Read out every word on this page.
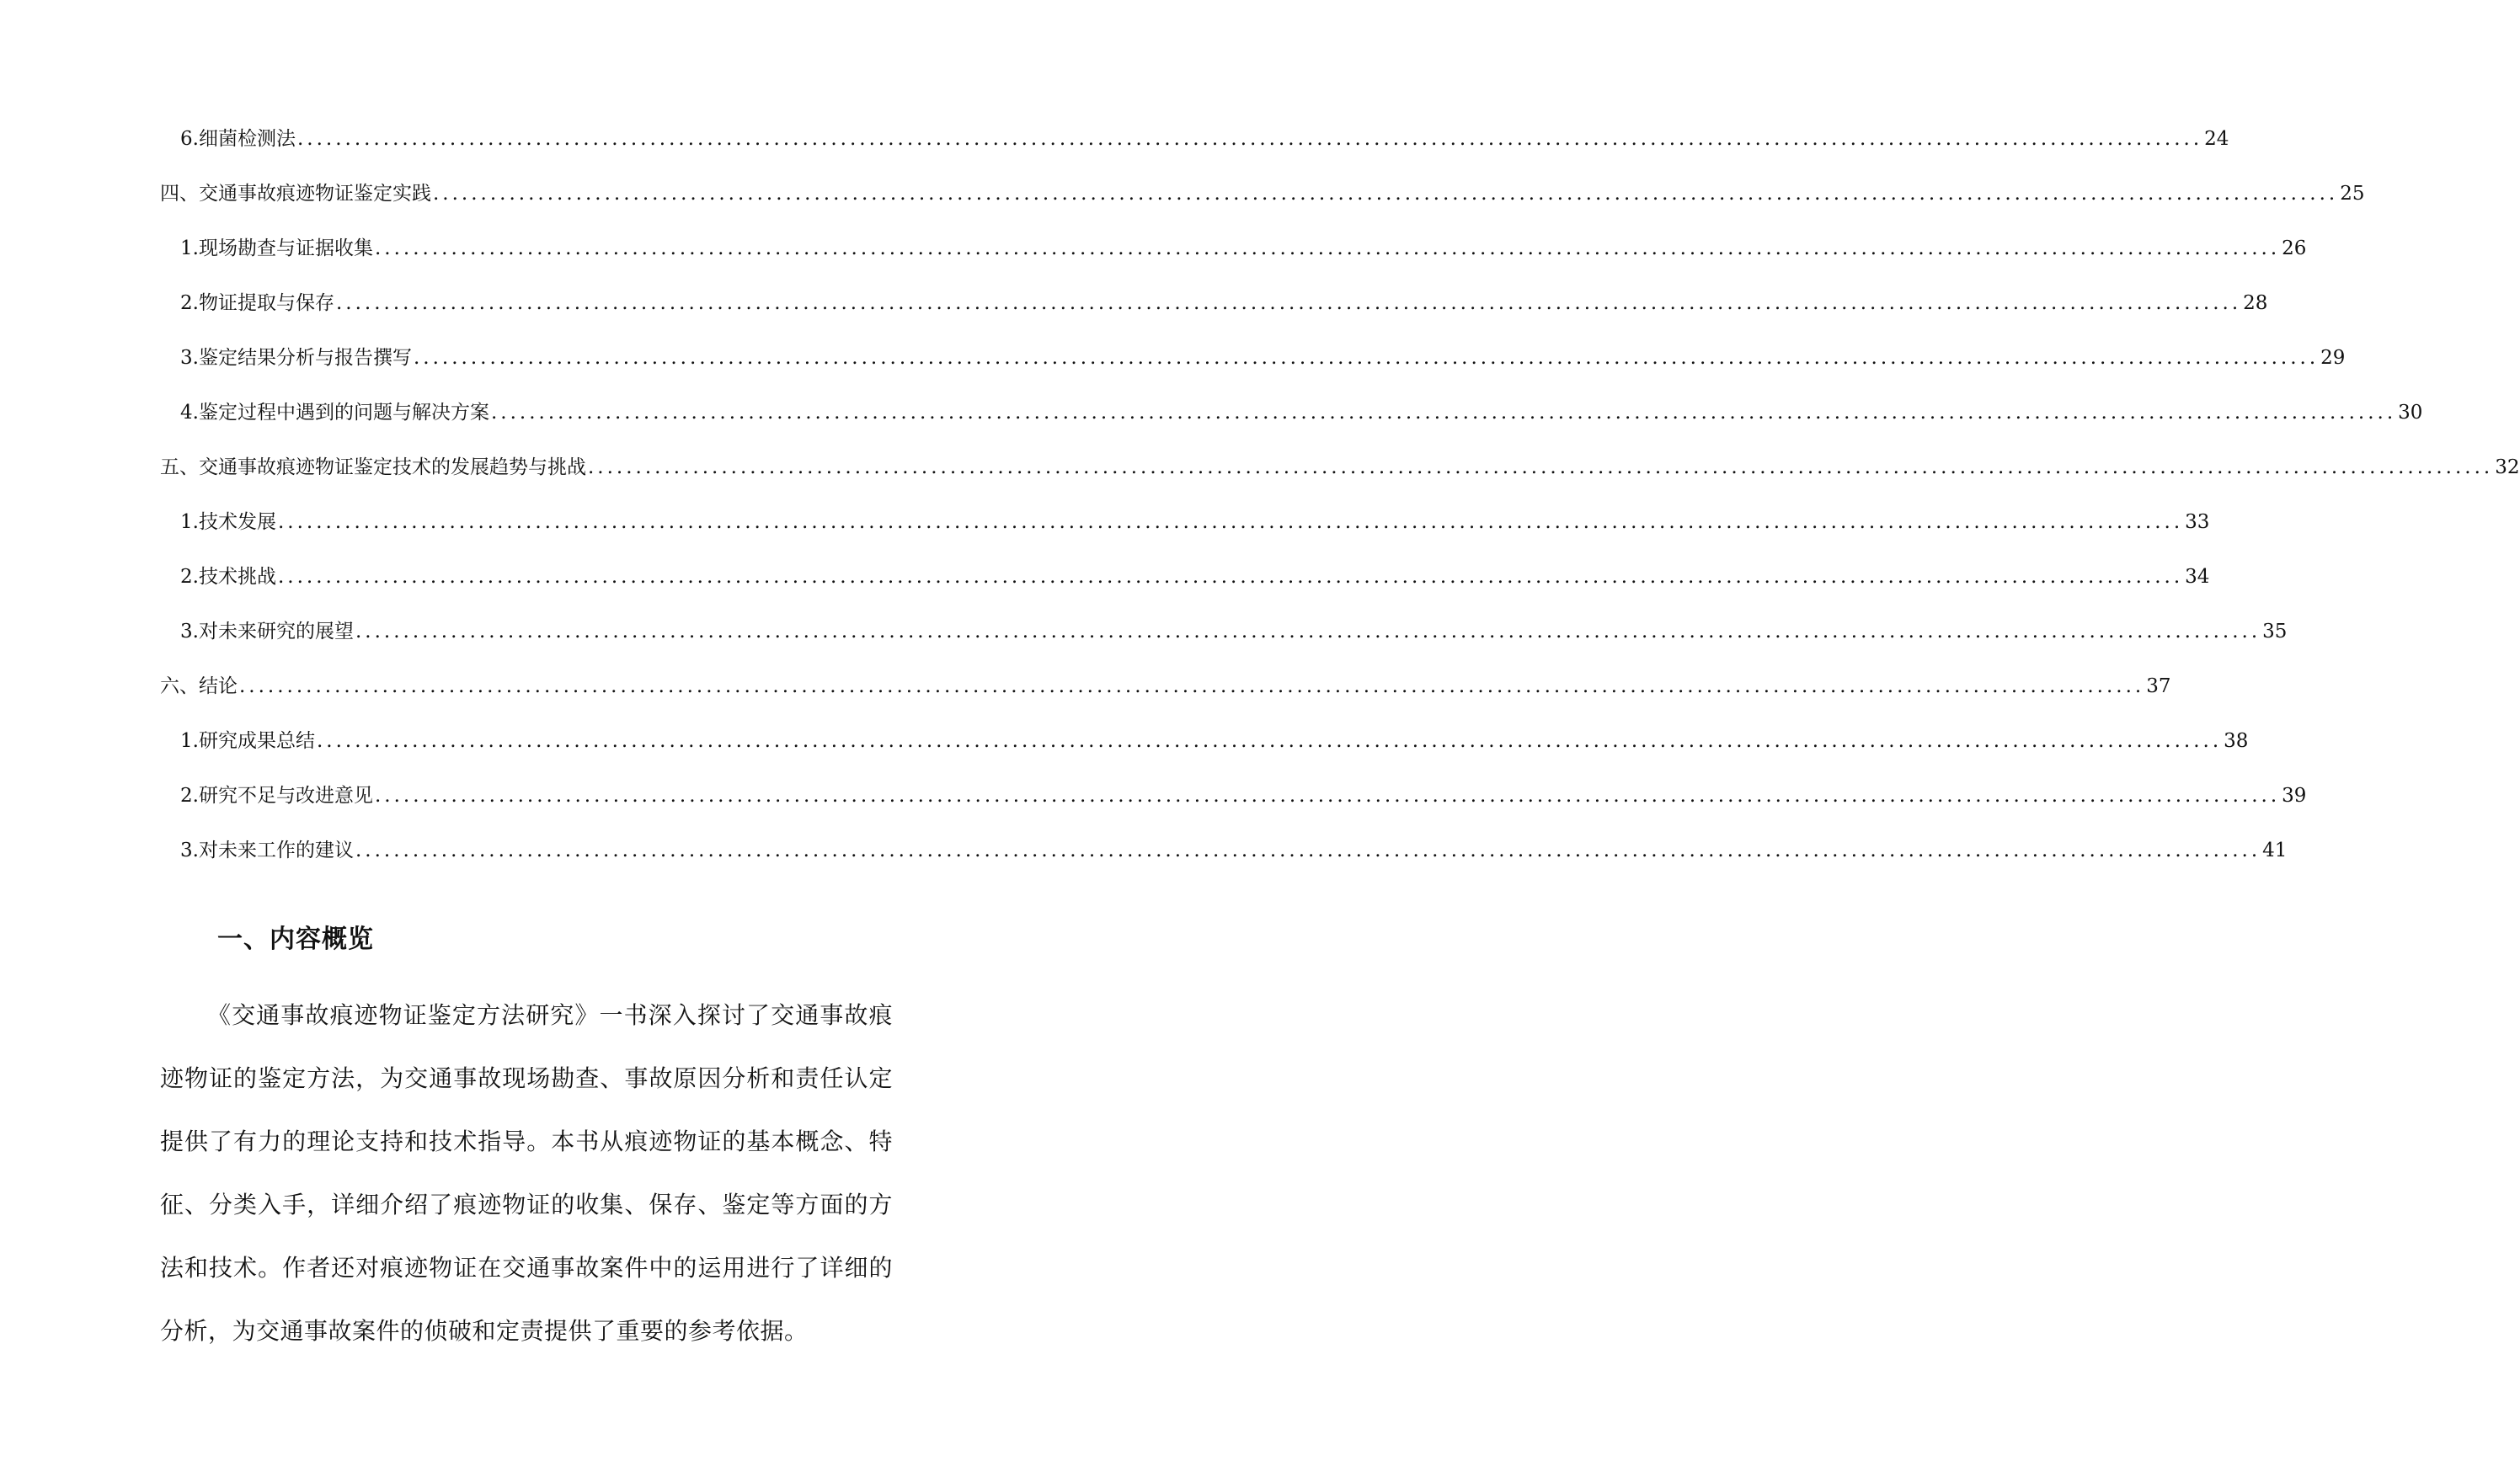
6. 细菌检测法 ........................................................................................................................................................................................................ 24
四、交通事故痕迹物证鉴定实践 ........................................................................................................................................................................................................ 25
1. 现场勘查与证据收集 ........................................................................................................................................................................................................ 26
2. 物证提取与保存 ........................................................................................................................................................................................................ 28
3. 鉴定结果分析与报告撰写 ........................................................................................................................................................................................................ 29
4. 鉴定过程中遇到的问题与解决方案 ........................................................................................................................................................................................................ 30
五、交通事故痕迹物证鉴定技术的发展趋势与挑战 ........................................................................................................................................................................................................ 32
1. 技术发展 ........................................................................................................................................................................................................ 33
2. 技术挑战 ........................................................................................................................................................................................................ 34
3. 对未来研究的展望 ........................................................................................................................................................................................................ 35
六、结论 ........................................................................................................................................................................................................ 37
1. 研究成果总结 ........................................................................................................................................................................................................ 38
2. 研究不足与改进意见 ........................................................................................................................................................................................................ 39
3. 对未来工作的建议 ........................................................................................................................................................................................................ 41
一、内容概览
《交通事故痕迹物证鉴定方法研究》一书深入探讨了交通事故痕迹物证的鉴定方法，为交通事故现场勘查、事故原因分析和责任认定提供了有力的理论支持和技术指导。本书从痕迹物证的基本概念、特征、分类入手，详细介绍了痕迹物证的收集、保存、鉴定等方面的方法和技术。作者还对痕迹物证在交通事故案件中的运用进行了详细的分析，为交通事故案件的侦破和定责提供了重要的参考依据。
